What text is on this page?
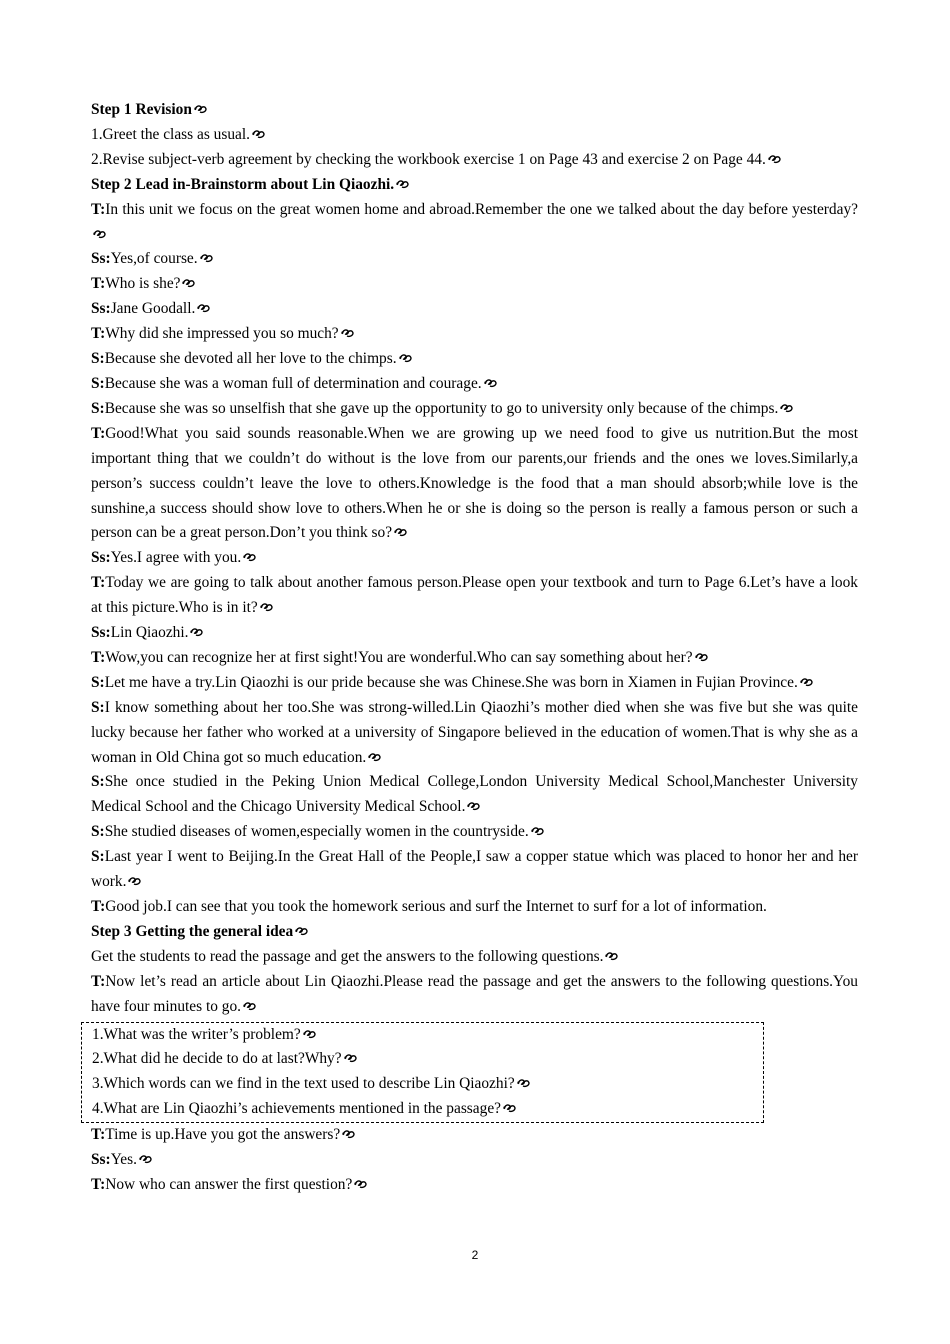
Step 1 Revision

1.Greet the class as usual.

2.Revise subject-verb agreement by checking the workbook exercise 1 on Page 43 and exercise 2 on Page 44.

Step 2 Lead in-Brainstorm about Lin Qiaozhi.

T:In this unit we focus on the great women home and abroad.Remember the one we talked about the day before yesterday?

Ss:Yes,of course.

T:Who is she?

Ss:Jane Goodall.

T:Why did she impressed you so much?

S:Because she devoted all her love to the chimps.

S:Because she was a woman full of determination and courage.

S:Because she was so unselfish that she gave up the opportunity to go to university only because of the chimps.

T:Good!What you said sounds reasonable.When we are growing up we need food to give us nutrition.But the most important thing that we couldn’t do without is the love from our parents,our friends and the ones we loves.Similarly,a person’s success couldn’t leave the love to others.Knowledge is the food that a man should absorb;while love is the sunshine,a success should show love to others.When he or she is doing so the person is really a famous person or such a person can be a great person.Don’t you think so?

Ss:Yes.I agree with you.

T:Today we are going to talk about another famous person.Please open your textbook and turn to Page 6.Let’s have a look at this picture.Who is in it?

Ss:Lin Qiaozhi.

T:Wow,you can recognize her at first sight!You are wonderful.Who can say something about her?

S:Let me have a try.Lin Qiaozhi is our pride because she was Chinese.She was born in Xiamen in Fujian Province.

S:I know something about her too.She was strong-willed.Lin Qiaozhi’s mother died when she was five but she was quite lucky because her father who worked at a university of Singapore believed in the education of women.That is why she as a woman in Old China got so much education.

S:She once studied in the Peking Union Medical College,London University Medical School,Manchester University Medical School and the Chicago University Medical School.

S:She studied diseases of women,especially women in the countryside.

S:Last year I went to Beijing.In the Great Hall of the People,I saw a copper statue which was placed to honor her and her work.

T:Good job.I can see that you took the homework serious and surf the Internet to surf for a lot of information.

Step 3 Getting the general idea

Get the students to read the passage and get the answers to the following questions.

T:Now let’s read an article about Lin Qiaozhi.Please read the passage and get the answers to the following questions.You have four minutes to go.

1.What was the writer’s problem?

2.What did he decide to do at last?Why?

3.Which words can we find in the text used to describe Lin Qiaozhi?

4.What are Lin Qiaozhi’s achievements mentioned in the passage?

T:Time is up.Have you got the answers?

Ss:Yes.

T:Now who can answer the first question?

2
